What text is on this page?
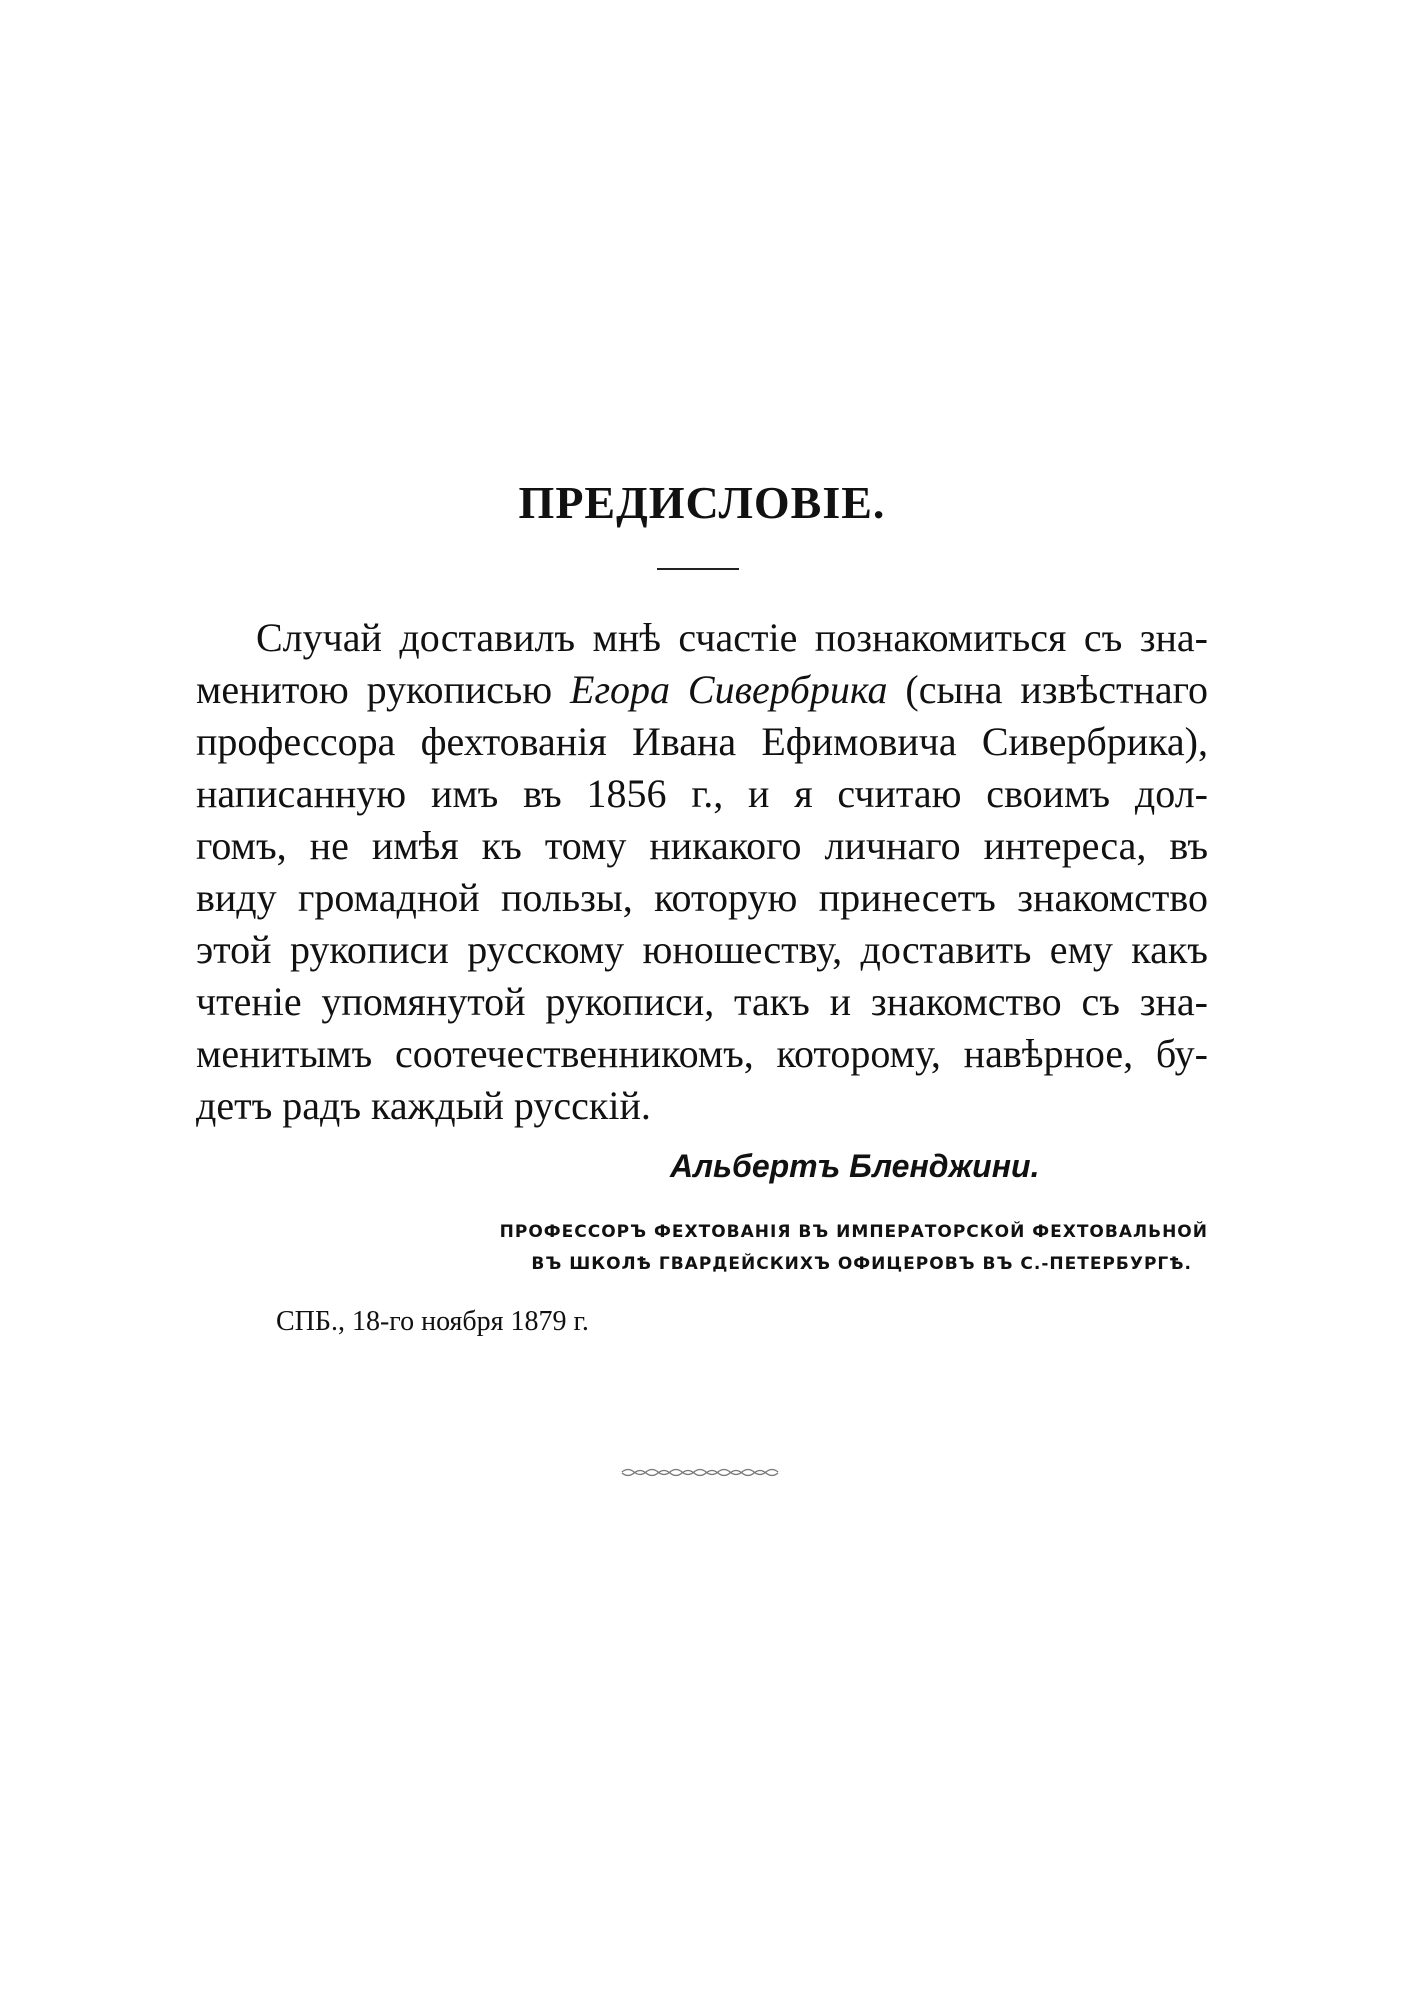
ПРЕДИСЛОВІЕ.
Случай доставилъ мнѣ счастіе познакомиться съ зна-
менитою рукописью Егора Сивербрика (сына извѣстнаго
профессора фехтованія Ивана Ефимовича Сивербрика),
написанную имъ въ 1856 г., и я считаю своимъ дол-
гомъ, не имѣя къ тому никакого личнаго интереса, въ
виду громадной пользы, которую принесетъ знакомство
этой рукописи русскому юношеству, доставить ему какъ
чтеніе упомянутой рукописи, такъ и знакомство съ зна-
менитымъ соотечественникомъ, которому, навѣрное, бу-
детъ радъ каждый русскій.
Альбертъ Бленджини.
ПРОФЕССОРЪ ФЕХТОВАНІЯ ВЪ ИМПЕРАТОРСКОЙ ФЕХТОВАЛЬНОЙ
ВЪ ШКОЛѢ ГВАРДЕЙСКИХЪ ОФИЦЕРОВЪ ВЪ С.-ПЕТЕРБУРГѢ.
СПБ., 18-го ноября 1879 г.
